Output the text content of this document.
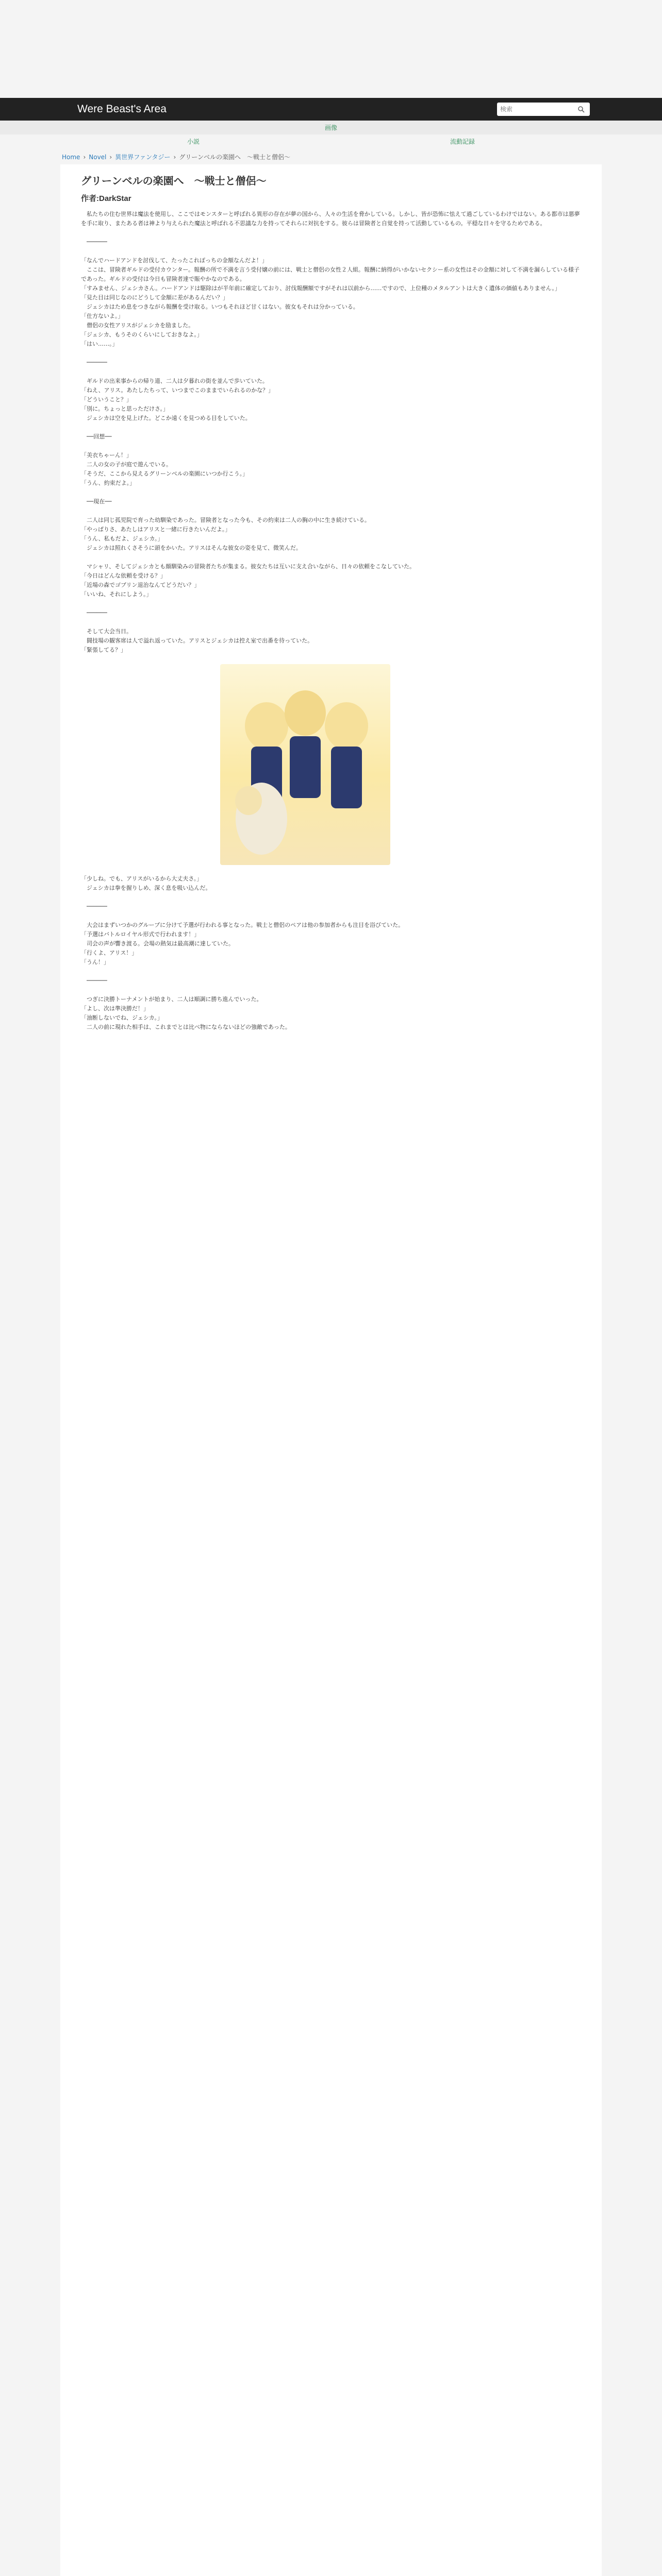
Were Beast's Area
検索
画像
小説	流動記録
Home › Novel › 異世界ファンタジー › グリーンベルの楽園へ　〜戦士と僧侶〜
グリーンベルの楽園へ　〜戦士と僧侶〜
作者:DarkStar

　私たちの住む世界は魔法を使用し、ここではモンスターと呼ばれる異形の存在が夢の国から、人々の生活を脅かしている。しかし、皆が恐怖に怯えて過ごしているわけではない。ある都市は悪夢を手に取り、またある者は神より与えられた魔法と呼ばれる不思議な力を持ってそれらに対抗をする。彼らは冒険者と自覚を持って活動しているもの。平穏な日々を守るためである。

　──────

「なんでハードアンドを討伐して、たったこれぽっちの金額なんだよ！」

　ここは、冒険者ギルドの受付カウンター。報酬の所で不満を言う受付嬢の前には、戦士と僧侶の女性２人組。報酬に納得がいかないセクシー系の女性はその金額に対して不満を漏らしている様子であった。ギルドの受付は今日も冒険者達で賑やかなのである。

「すみません、ジェシカさん。ハードアンドは駆除はが半年前に確定しており、討伐報酬額ですがそれは以前から……ですので、上位種のメタルアントは大きく遺体の価値もありません。」

「見た目は同じなのにどうして金額に差があるんだい？」

　ジェシカはため息をつきながら報酬を受け取る。いつもそれほど甘くはない。彼女もそれは分かっている。

「仕方ないよ。」

　僧侶の女性アリスがジェシカを励ました。

「ジェシカ、もうそのくらいにしておきなよ。」

「はい……。」

　──────

　ギルドの出来事からの帰り道、二人は夕暮れの街を並んで歩いていた。

「ねえ、アリス。あたしたちって、いつまでこのままでいられるのかな？」

「どういうこと？」

「別に。ちょっと思っただけさ。」

　ジェシカは空を見上げた。どこか遠くを見つめる目をしていた。

　──回想──

「美衣ちゃーん！」

　二人の女の子が庭で遊んでいる。

「そうだ、ここから見えるグリーンベルの楽園にいつか行こう。」

「うん、約束だよ。」

　──現在──

　二人は同じ孤児院で育った幼馴染であった。冒険者となった今も、その約束は二人の胸の中に生き続けている。

「やっぱりさ、あたしはアリスと一緒に行きたいんだよ。」

「うん、私もだよ、ジェシカ。」

　ジェシカは照れくさそうに頭をかいた。アリスはそんな彼女の姿を見て、微笑んだ。

　マシャリ、そしてジェシカとも顔馴染みの冒険者たちが集まる。彼女たちは互いに支え合いながら、日々の依頼をこなしていた。

「今日はどんな依頼を受ける？」

「近場の森でゴブリン退治なんてどうだい？」

「いいね、それにしよう。」

　──────

　そして大会当日。

　闘技場の観客席は人で溢れ返っていた。アリスとジェシカは控え室で出番を待っていた。

「緊張してる？」

「少しね。でも、アリスがいるから大丈夫さ。」

　ジェシカは拳を握りしめ、深く息を吸い込んだ。

　──────

　大会はまずいつかのグループに分けて予選が行われる事となった。戦士と僧侶のペアは他の参加者からも注目を浴びていた。

「予選はバトルロイヤル形式で行われます！」

　司会の声が響き渡る。会場の熱気は最高潮に達していた。

「行くよ、アリス！」

「うん！」

　──────

　つぎに決勝トーナメントが始まり、二人は順調に勝ち進んでいった。

「よし、次は準決勝だ！」

「油断しないでね、ジェシカ。」

　二人の前に現れた相手は、これまでとは比べ物にならないほどの強敵であった。
